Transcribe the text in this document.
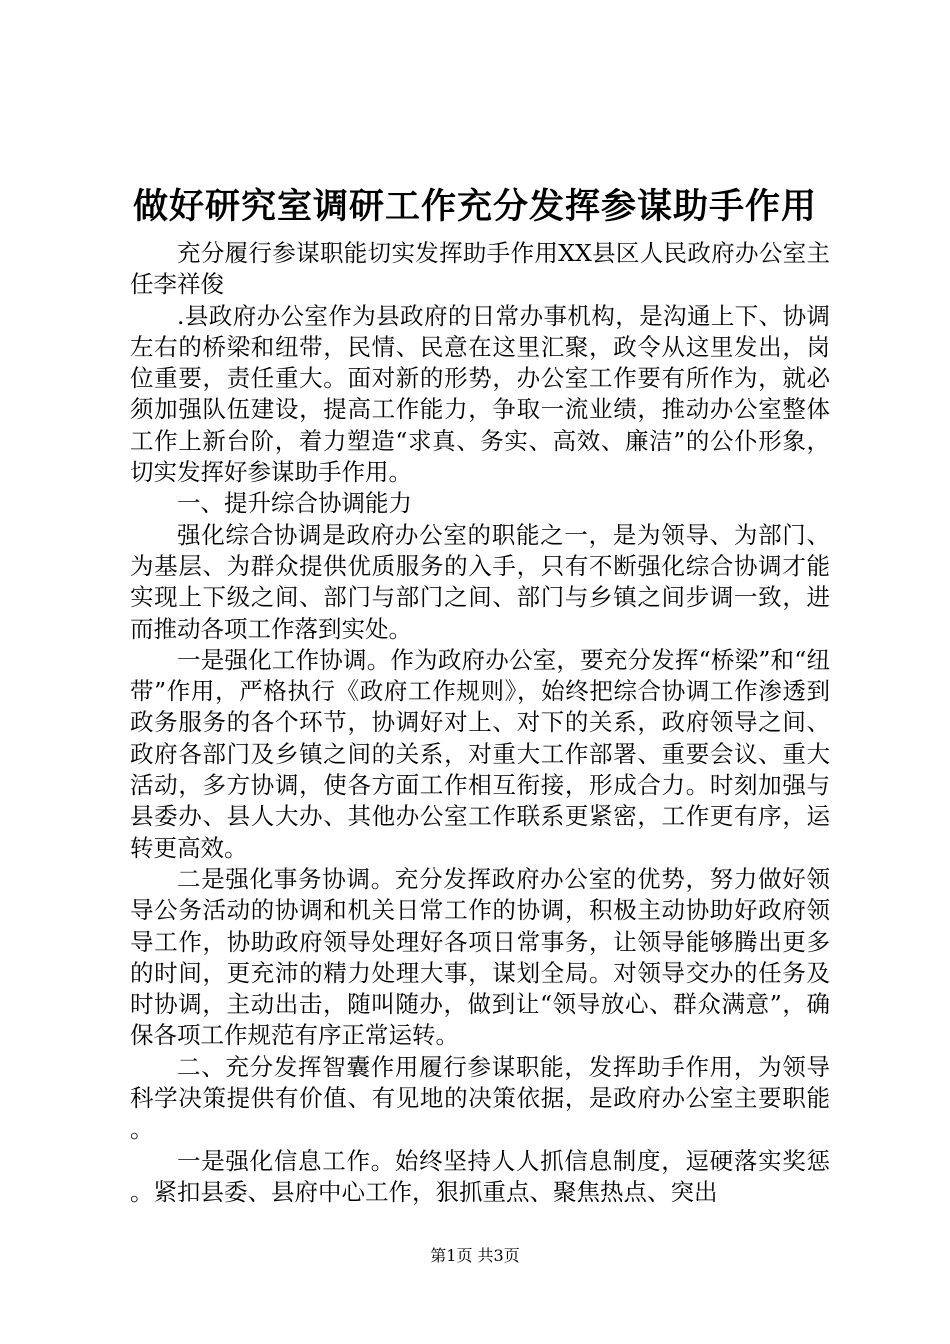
做好研究室调研工作充分发挥参谋助手作用

充分履行参谋职能切实发挥助手作用XX县区人民政府办公室主任李祥俊

.县政府办公室作为县政府的日常办事机构，是沟通上下、协调左右的桥梁和纽带，民情、民意在这里汇聚，政令从这里发出，岗位重要，责任重大。面对新的形势，办公室工作要有所作为，就必须加强队伍建设，提高工作能力，争取一流业绩，推动办公室整体工作上新台阶，着力塑造“求真、务实、高效、廉洁”的公仆形象，切实发挥好参谋助手作用。

一、提升综合协调能力

强化综合协调是政府办公室的职能之一，是为领导、为部门、为基层、为群众提供优质服务的入手，只有不断强化综合协调才能实现上下级之间、部门与部门之间、部门与乡镇之间步调一致，进而推动各项工作落到实处。

一是强化工作协调。作为政府办公室，要充分发挥“桥梁”和“纽带”作用，严格执行《政府工作规则》，始终把综合协调工作渗透到政务服务的各个环节，协调好对上、对下的关系，政府领导之间、政府各部门及乡镇之间的关系，对重大工作部署、重要会议、重大活动，多方协调，使各方面工作相互衔接，形成合力。时刻加强与县委办、县人大办、其他办公室工作联系更紧密，工作更有序，运转更高效。

二是强化事务协调。充分发挥政府办公室的优势，努力做好领导公务活动的协调和机关日常工作的协调，积极主动协助好政府领导工作，协助政府领导处理好各项日常事务，让领导能够腾出更多的时间，更充沛的精力处理大事，谋划全局。对领导交办的任务及时协调，主动出击，随叫随办，做到让“领导放心、群众满意”，确保各项工作规范有序正常运转。

二、充分发挥智囊作用履行参谋职能，发挥助手作用，为领导科学决策提供有价值、有见地的决策依据，是政府办公室主要职能。

一是强化信息工作。始终坚持人人抓信息制度，逗硬落实奖惩。紧扣县委、县府中心工作，狠抓重点、聚焦热点、突出

第1页 共3页
